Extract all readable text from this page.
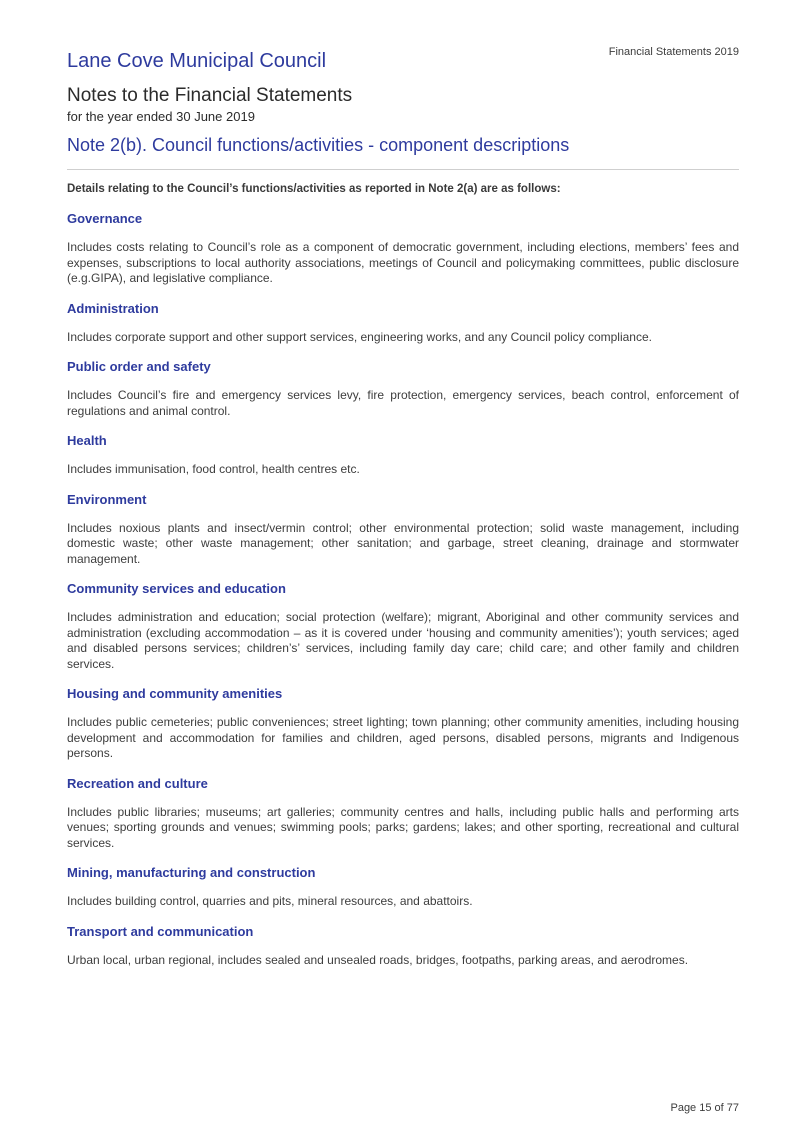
Financial Statements 2019
Lane Cove Municipal Council
Notes to the Financial Statements
for the year ended 30 June 2019
Note 2(b). Council functions/activities - component descriptions
Details relating to the Council’s functions/activities as reported in Note 2(a) are as follows:
Governance

Includes costs relating to Council’s role as a component of democratic government, including elections, members’ fees and expenses, subscriptions to local authority associations, meetings of Council and policymaking committees, public disclosure (e.g.GIPA), and legislative compliance.

Administration

Includes corporate support and other support services, engineering works, and any Council policy compliance.

Public order and safety

Includes Council’s fire and emergency services levy, fire protection, emergency services, beach control, enforcement of regulations and animal control.

Health

Includes immunisation, food control, health centres etc.

Environment

Includes noxious plants and insect/vermin control; other environmental protection; solid waste management, including domestic waste; other waste management; other sanitation; and garbage, street cleaning, drainage and stormwater management.

Community services and education

Includes administration and education; social protection (welfare); migrant, Aboriginal and other community services and administration (excluding accommodation – as it is covered under ‘housing and community amenities’); youth services; aged and disabled persons services; children’s’ services, including family day care; child care; and other family and children services.

Housing and community amenities

Includes public cemeteries; public conveniences; street lighting; town planning; other community amenities, including housing development and accommodation for families and children, aged persons, disabled persons, migrants and Indigenous persons.

Recreation and culture

Includes public libraries; museums; art galleries; community centres and halls, including public halls and performing arts venues; sporting grounds and venues; swimming pools; parks; gardens; lakes; and other sporting, recreational and cultural services.

Mining, manufacturing and construction

Includes building control, quarries and pits, mineral resources, and abattoirs.

Transport and communication

Urban local, urban regional, includes sealed and unsealed roads, bridges, footpaths, parking areas, and aerodromes.

Page 15 of 77
